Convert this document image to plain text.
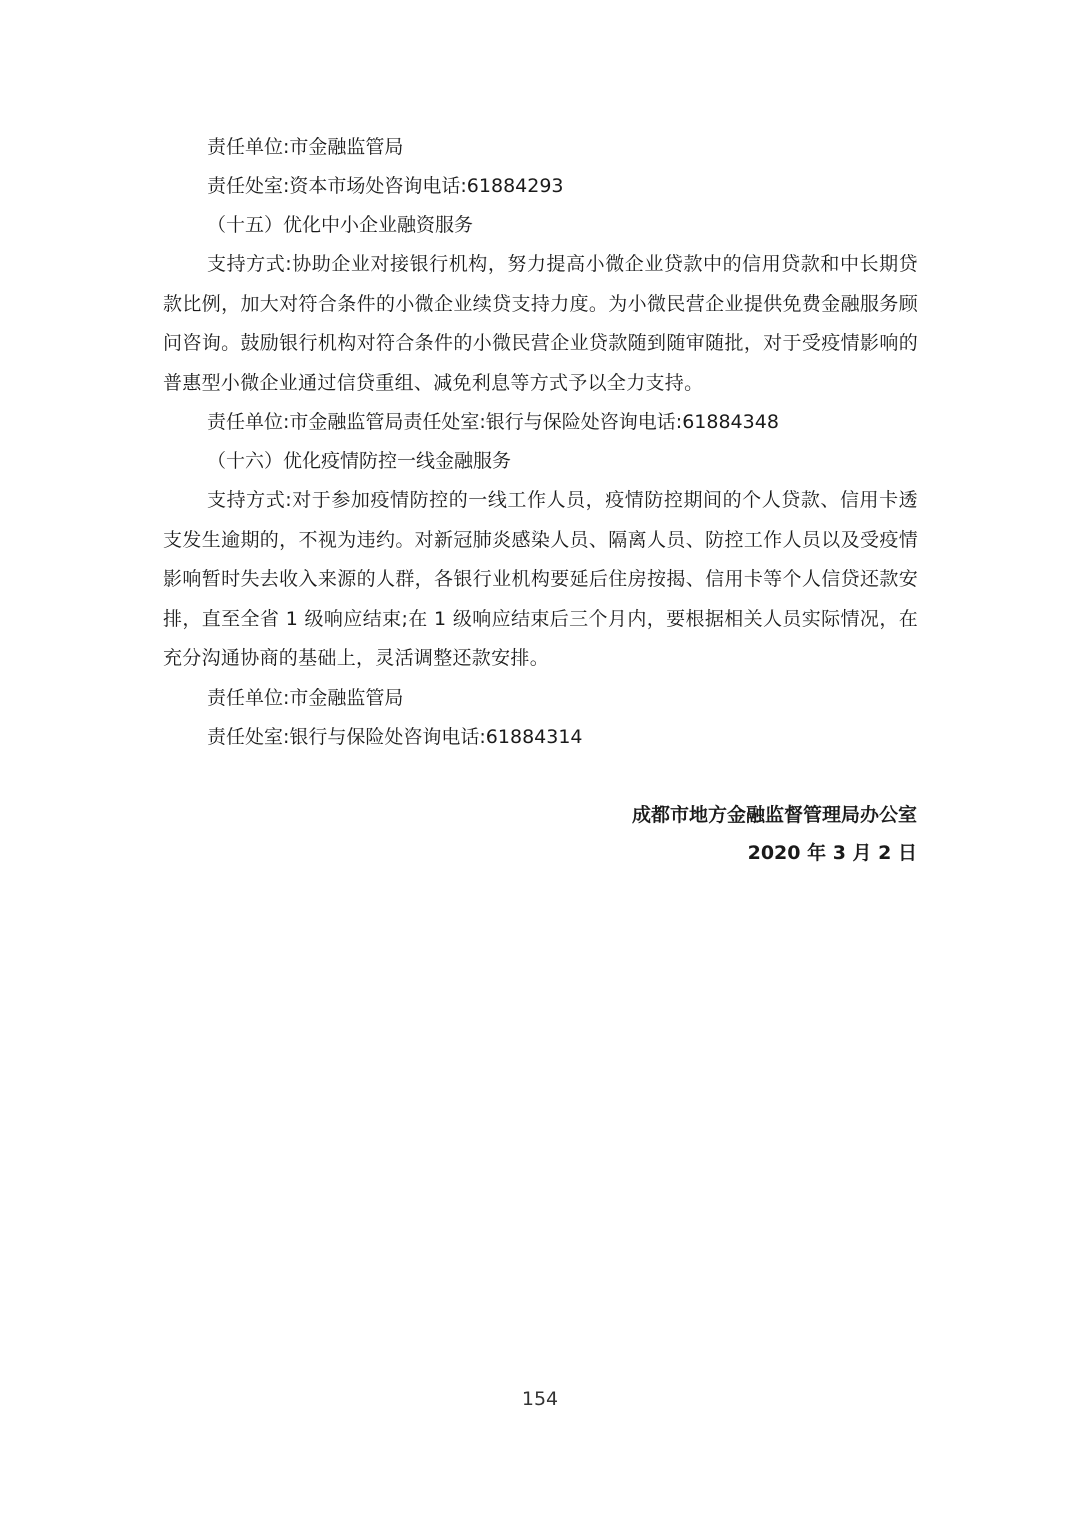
责任单位:市金融监管局

责任处室:资本市场处咨询电话:61884293

（十五）优化中小企业融资服务

支持方式:协助企业对接银行机构，努力提高小微企业贷款中的信用贷款和中长期贷款比例，加大对符合条件的小微企业续贷支持力度。为小微民营企业提供免费金融服务顾问咨询。鼓励银行机构对符合条件的小微民营企业贷款随到随审随批，对于受疫情影响的普惠型小微企业通过信贷重组、减免利息等方式予以全力支持。

责任单位:市金融监管局责任处室:银行与保险处咨询电话:61884348

（十六）优化疫情防控一线金融服务

支持方式:对于参加疫情防控的一线工作人员，疫情防控期间的个人贷款、信用卡透支发生逾期的，不视为违约。对新冠肺炎感染人员、隔离人员、防控工作人员以及受疫情影响暂时失去收入来源的人群，各银行业机构要延后住房按揭、信用卡等个人信贷还款安排，直至全省 1 级响应结束;在 1 级响应结束后三个月内，要根据相关人员实际情况，在充分沟通协商的基础上，灵活调整还款安排。

责任单位:市金融监管局

责任处室:银行与保险处咨询电话:61884314

成都市地方金融监督管理局办公室
2020 年 3 月 2 日
154
